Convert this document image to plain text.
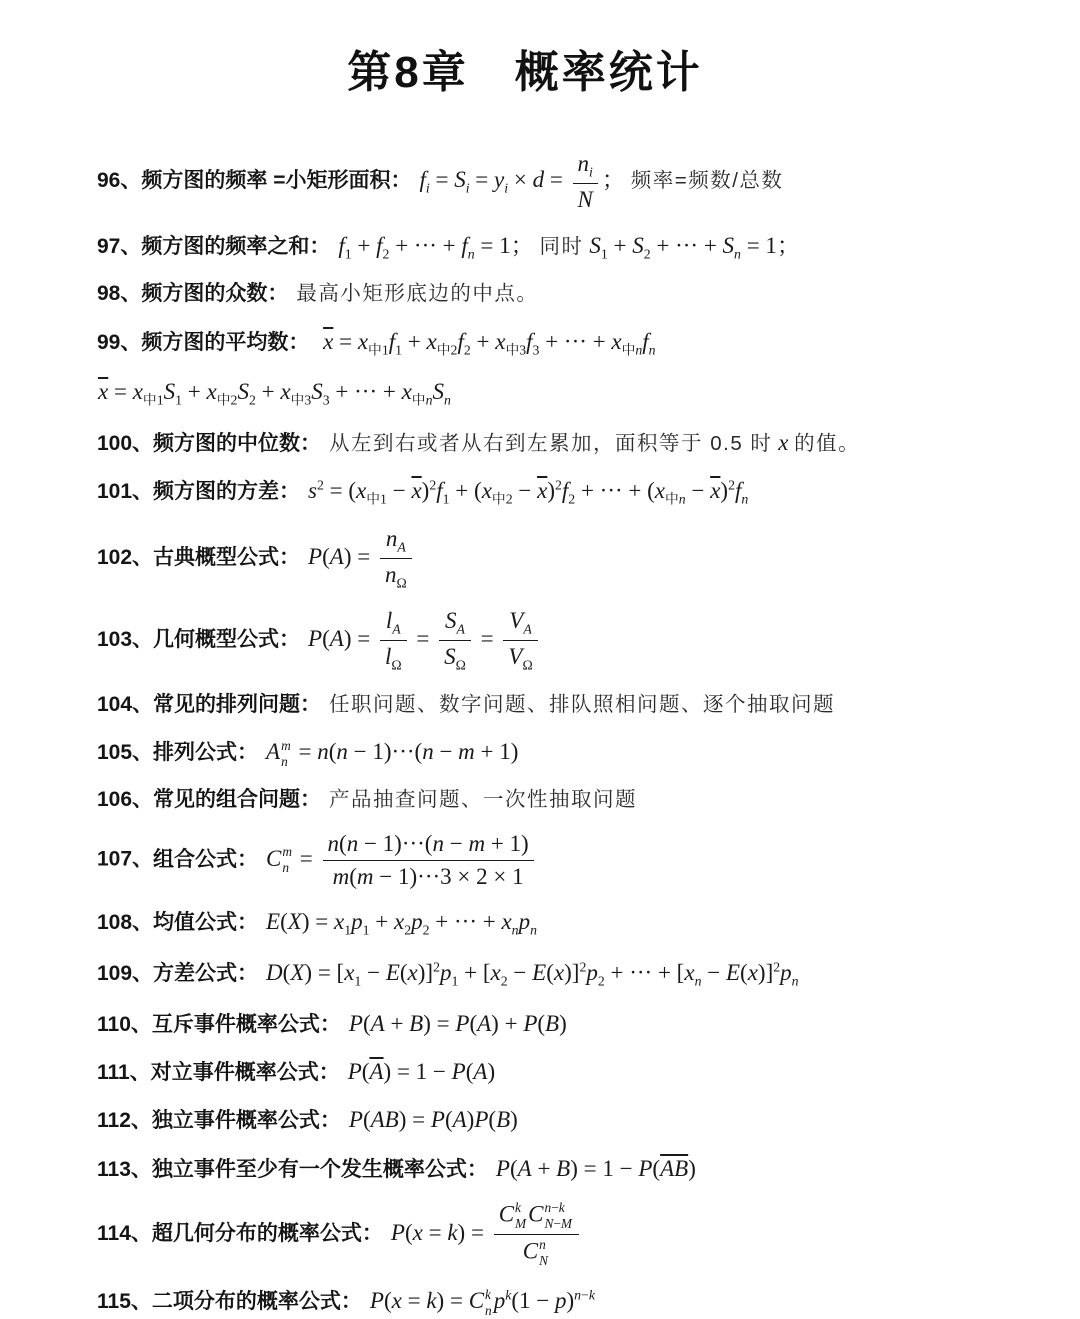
第8章 概率统计
96、频方图的频率 =小矩形面积： $f_i = S_i = y_i \times d = \frac{n_i}{N}$ ； 频率=频数/总数
97、频方图的频率之和： $f_1 + f_2$ + ··· + $f_n = 1$； 同时 $S_1 + S_2$ + ··· + $S_n = 1$；
98、频方图的众数： 最高小矩形底边的中点。
99、频方图的平均数： $\overline{x} = x_{中1}f_1 + x_{中2}f_2 + x_{中3}f_3$ + ··· + $x_{中n}f_n$
$\overline{x} = x_{中1}S_1 + x_{中2}S_2 + x_{中3}S_3$ + ··· + $x_{中n}S_n$
100、频方图的中位数： 从左到右或者从右到左累加，面积等于 0.5 时 x 的值。
101、频方图的方差： $s^2 = (x_{中1} - \overline{x})^2f_1 + (x_{中2} - \overline{x})^2f_2$ + ··· + $(x_{中n} - \overline{x})^2f_n$
102、古典概型公式： $P(A) = \frac{n_A}{n_\Omega}$
103、几何概型公式： $P(A) = \frac{l_A}{l_\Omega} = \frac{S_A}{S_\Omega} = \frac{V_A}{V_\Omega}$
104、常见的排列问题： 任职问题、数字问题、排队照相问题、逐个抽取问题
105、排列公式： A m
n = n(n − 1)···(n − m + 1)
106、常见的组合问题： 产品抽查问题、一次性抽取问题
107、组合公式： C m
$n = \frac{n(n - 1)\cdot\cdot\cdot(n - m + 1)}{m(m - 1)\cdot\cdot\cdot 3 \times 2 \times 1}$
108、均值公式： $E(X) = x_1p_1 + x_2p_2$ + ··· + $x_np_n$
109、方差公式： $D(X) = [x_1 - E(x)]^2p_1 + [x_2 - E(x)]^2p_2$ + ··· + $[x_n - E(x)]^2p_n$
110、互斥事件概率公式： P(A + B) = P(A) + P(B)
111、对立事件概率公式： $P(\overline{A}) = 1 - P(A)$
112、独立事件概率公式： P(AB) = P(A)P(B)
113、独立事件至少有一个发生概率公式： $P(A + B) = 1 - P(\overline{AB})$
114、超几何分布的概率公式： P(x = k) = C k
M C n−k
N−M
C n
N
115、二项分布的概率公式： P(x = k) = C k
n $p^k(1 - p)^{n-k}$
